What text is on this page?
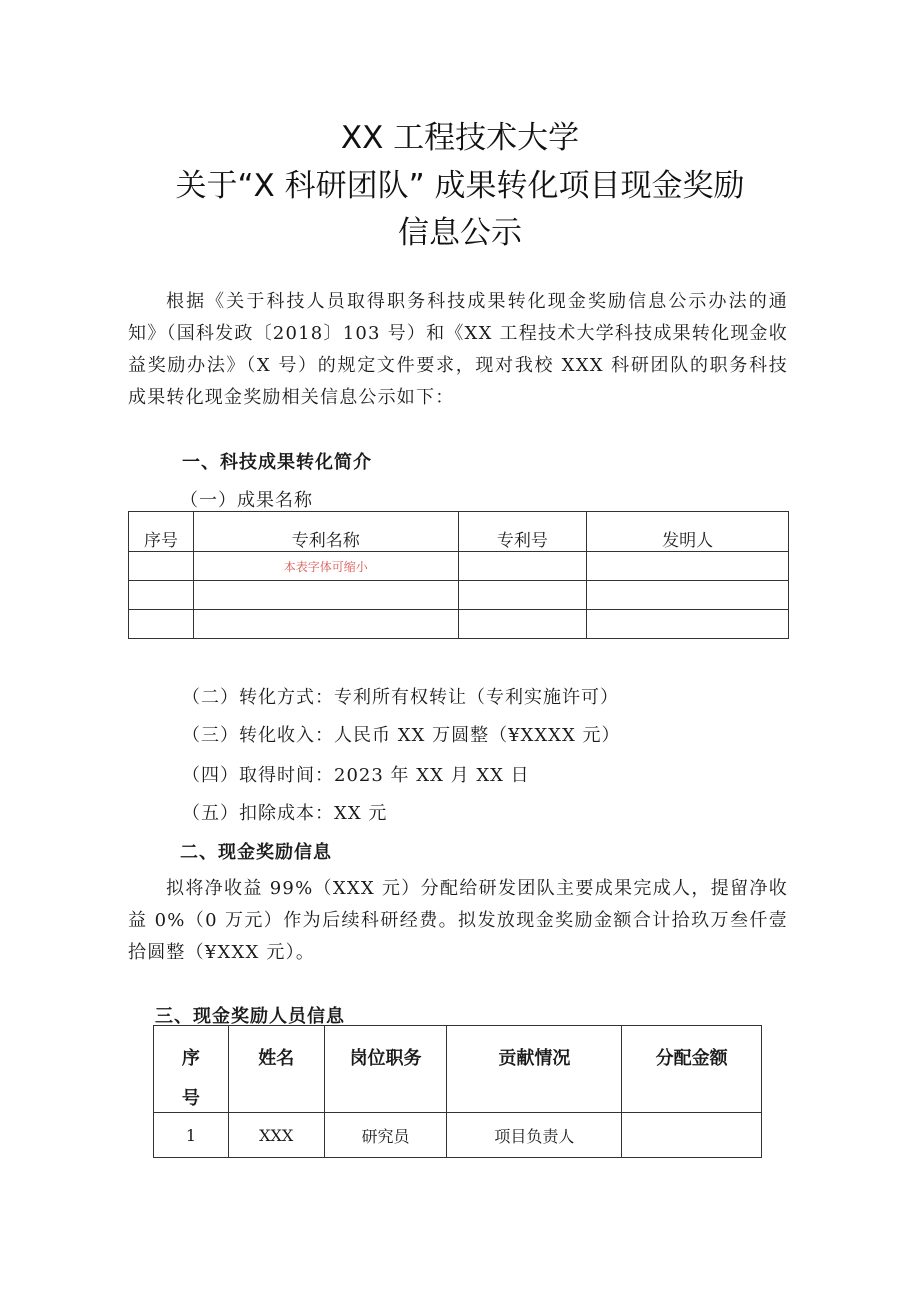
XX 工程技术大学
关于“X 科研团队” 成果转化项目现金奖励
信息公示
根据《关于科技人员取得职务科技成果转化现金奖励信息公示办法的通知》（国科发政〔2018〕103 号）和《XX 工程技术大学科技成果转化现金收益奖励办法》（X 号）的规定文件要求，现对我校 XXX 科研团队的职务科技成果转化现金奖励相关信息公示如下：
一、科技成果转化简介
（一）成果名称
序号	专利名称	专利号	发明人
	本表字体可缩小		

（二）转化方式：专利所有权转让（专利实施许可）
（三）转化收入：人民币 XX 万圆整（¥XXXX 元）
（四）取得时间：2023 年 XX 月 XX 日
（五）扣除成本：XX 元
二、现金奖励信息
拟将净收益 99%（XXX 元）分配给研发团队主要成果完成人，提留净收益 0%（0 万元）作为后续科研经费。拟发放现金奖励金额合计拾玖万叁仟壹拾圆整（¥XXX 元）。
三、现金奖励人员信息
序
号	姓名	岗位职务	贡献情况	分配金额
1	XXX	研究员	项目负责人	
